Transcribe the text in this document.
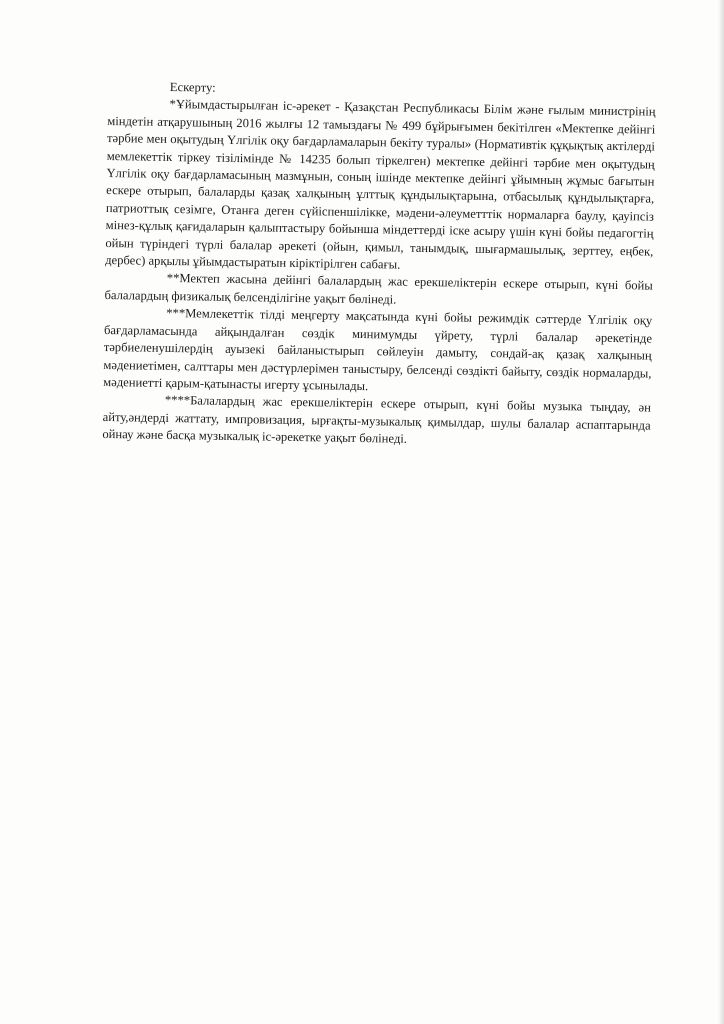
Ескерту:

*Ұйымдастырылған іс-әрекет - Қазақстан Республикасы Білім және ғылым министрінің міндетін атқарушының 2016 жылғы 12 тамыздағы № 499 бұйрығымен бекітілген «Мектепке дейінгі тәрбие мен оқытудың Үлгілік оқу бағдарламаларын бекіту туралы» (Нормативтік құқықтық актілерді мемлекеттік тіркеу тізілімінде № 14235 болып тіркелген) мектепке дейінгі тәрбие мен оқытудың Үлгілік оқу бағдарламасының мазмұнын, соның ішінде мектепке дейінгі ұйымның жұмыс бағытын ескере отырып, балаларды қазақ халқының ұлттық құндылықтарына, отбасылық құндылықтарға, патриоттық сезімге, Отанға деген сүйіспеншілікке, мәдени-әлеуметттік нормаларға баулу, қауіпсіз мінез-құлық қағидаларын қалыптастыру бойынша міндеттерді іске асыру үшін күні бойы педагогтің ойын түріндегі түрлі балалар әрекеті (ойын, қимыл, танымдық, шығармашылық, зерттеу, еңбек, дербес) арқылы ұйымдастыратын кіріктірілген сабағы.

**Мектеп жасына дейінгі балалардың жас ерекшеліктерін ескере отырып, күні бойы балалардың физикалық белсенділігіне уақыт бөлінеді.

***Мемлекеттік тілді меңгерту мақсатында күні бойы режимдік сәттерде Үлгілік оқу бағдарламасында айқындалған сөздік минимумды үйрету, түрлі балалар әрекетінде тәрбиеленушілердің ауызекі байланыстырып сөйлеуін дамыту, сондай-ақ қазақ халқының мәдениетімен, салттары мен дәстүрлерімен таныстыру, белсенді сөздікті байыту, сөздік нормаларды, мәдениетті қарым-қатынасты игерту ұсынылады.

****Балалардың жас ерекшеліктерін ескере отырып, күні бойы музыка тыңдау, ән айту,әндерді жаттату, импровизация, ырғақты-музыкалық қимылдар, шулы балалар аспаптарында ойнау және басқа музыкалық іс-әрекетке уақыт бөлінеді.
